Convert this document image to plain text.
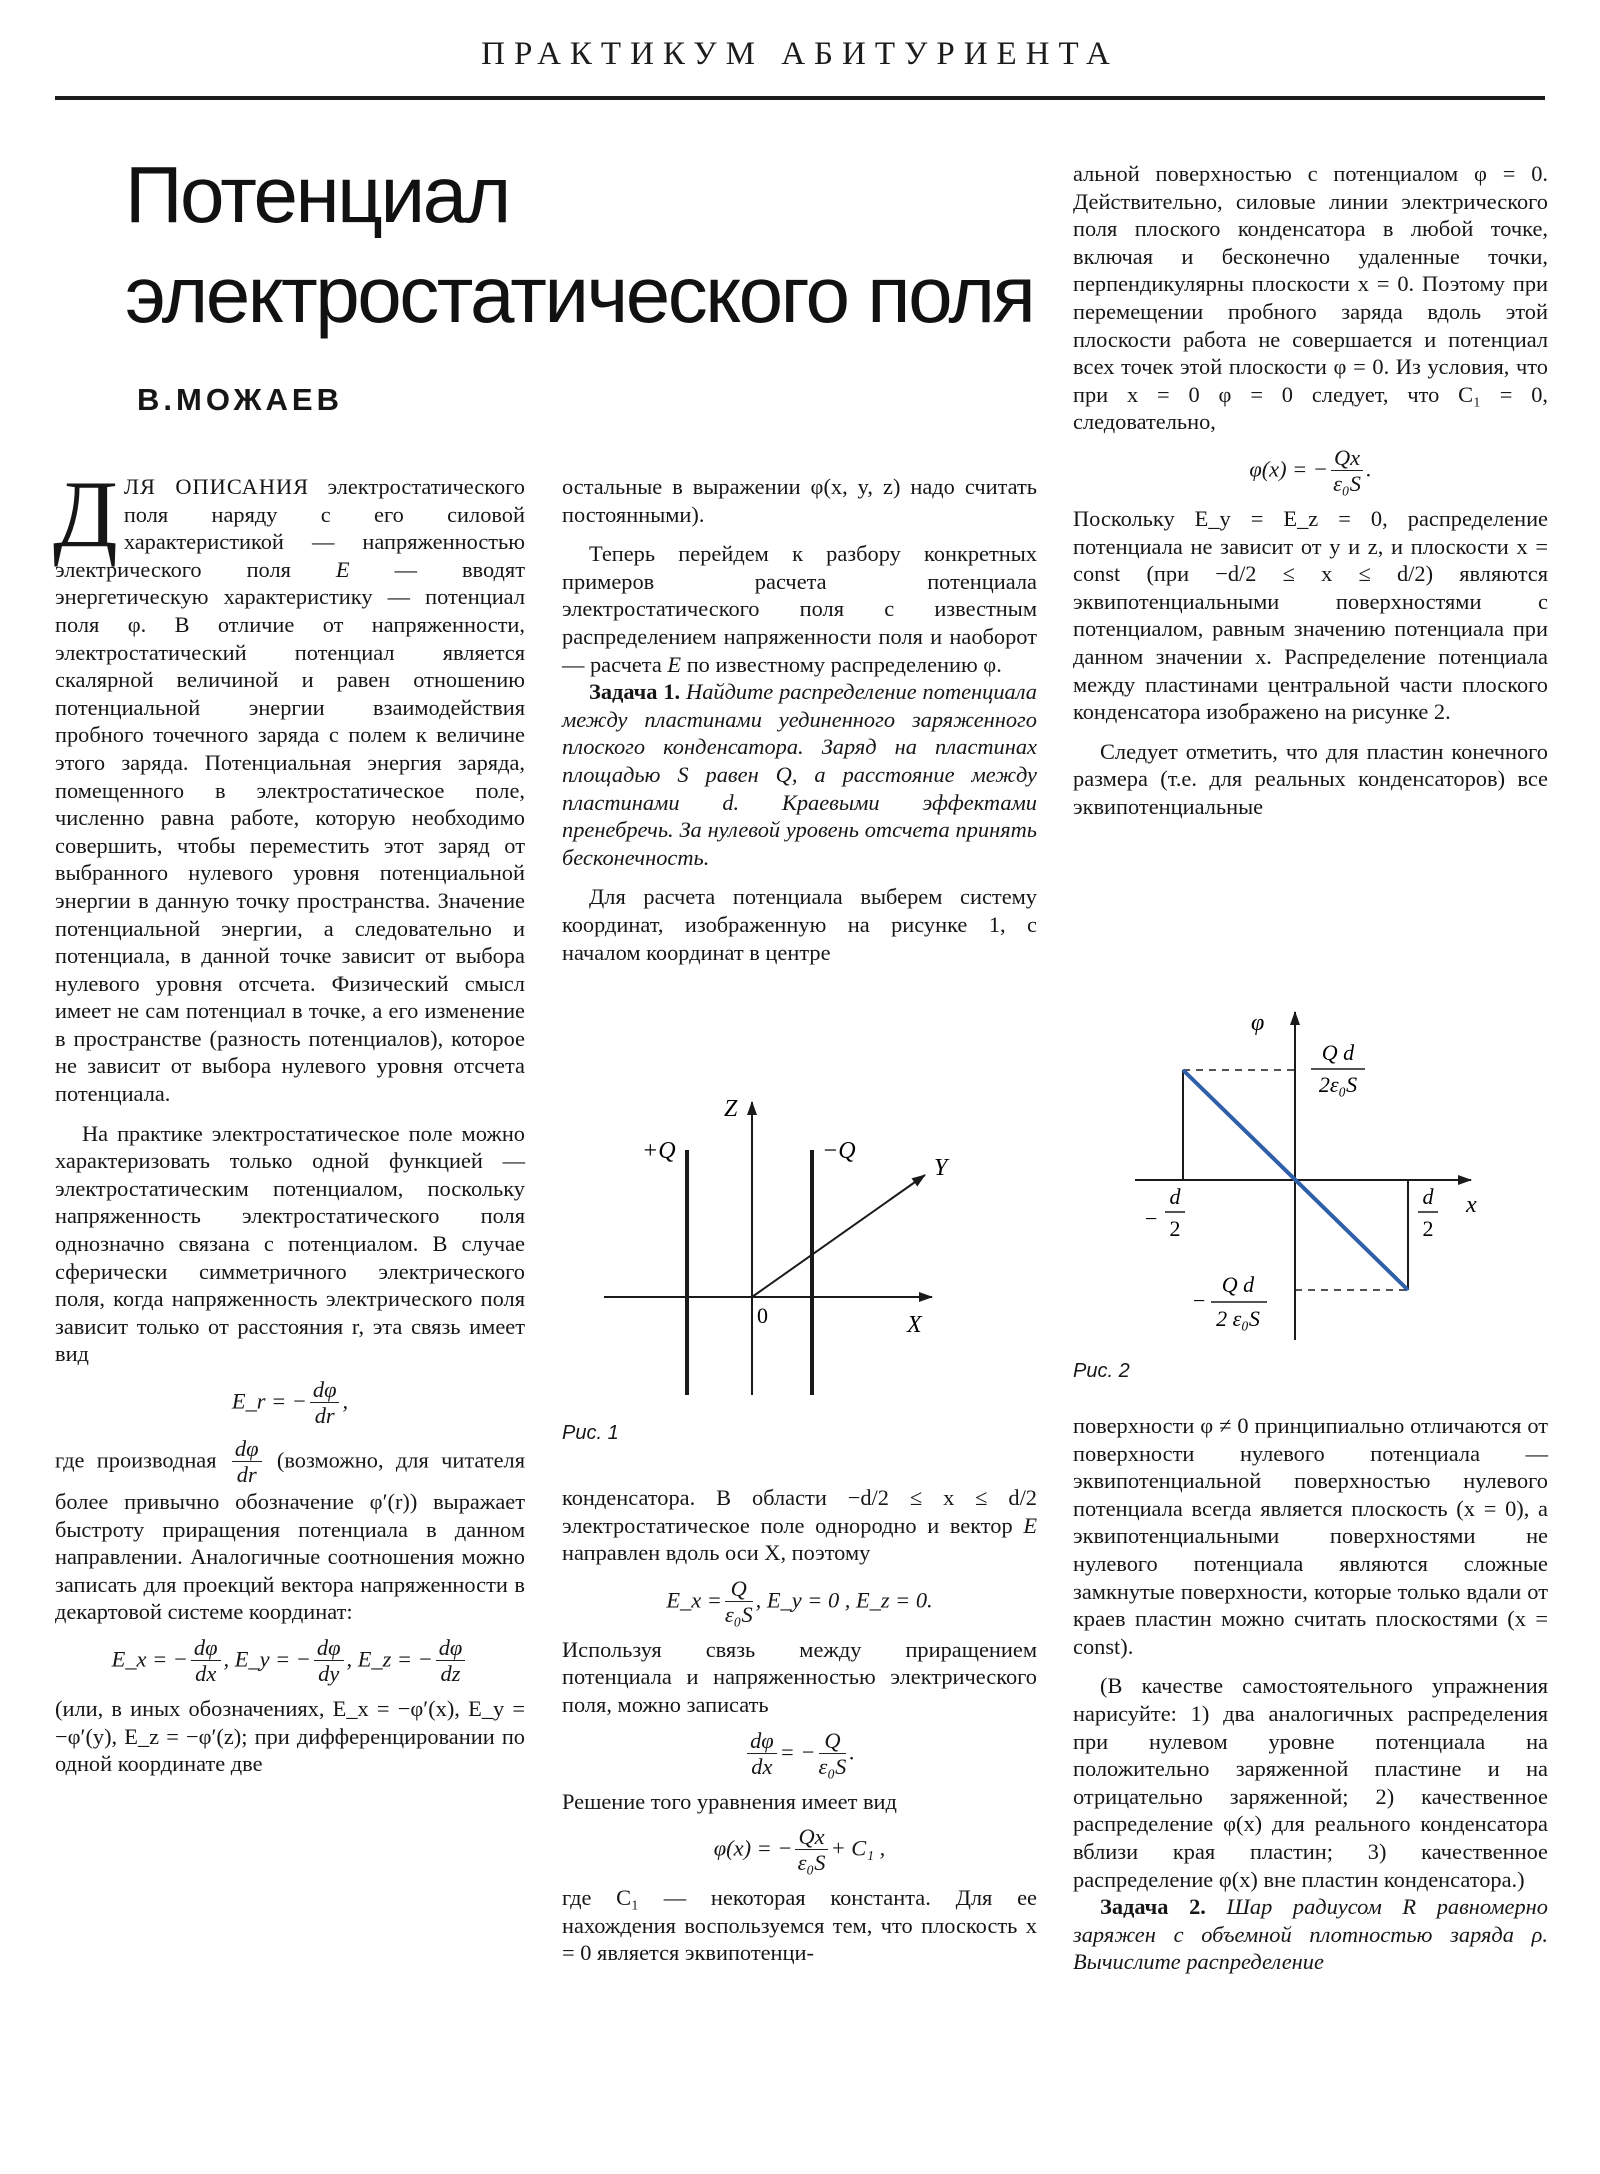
ПРАКТИКУМ АБИТУРИЕНТА
Потенциал
электростатического поля
В.МОЖАЕВ

ДЛЯ ОПИСАНИЯ электростатического поля наряду с его силовой характеристикой — напряженностью электрического поля E — вводят энергетическую характеристику — потенциал поля φ. В отличие от напряженности, электростатический потенциал является скалярной величиной и равен отношению потенциальной энергии взаимодействия пробного точечного заряда с полем к величине этого заряда. Потенциальная энергия заряда, помещенного в электростатическое поле, численно равна работе, которую необходимо совершить, чтобы переместить этот заряд от выбранного нулевого уровня потенциальной энергии в данную точку пространства. Значение потенциальной энергии, а следовательно и потенциала, в данной точке зависит от выбора нулевого уровня отсчета. Физический смысл имеет не сам потенциал в точке, а его изменение в пространстве (разность потенциалов), которое не зависит от выбора нулевого уровня отсчета потенциала.

На практике электростатическое поле можно характеризовать только одной функцией — электростатическим потенциалом, поскольку напряженность электростатического поля однозначно связана с потенциалом. В случае сферически симметричного электрического поля, когда напряженность электрического поля зависит только от расстояния r, эта связь имеет вид

E_r = − $\frac{d\varphi}{dr}$ ,

где производная $\frac{d\varphi}{dr}$ (возможно, для читателя более привычно обозначение φ′(r)) выражает быстроту приращения потенциала в данном направлении. Аналогичные соотношения можно записать для проекций вектора напряженности в декартовой системе координат:

E_x = − $\frac{d\varphi}{dx}$ , E_y = − $\frac{d\varphi}{dy}$ , E_z = − $\frac{d\varphi}{dz}$

(или, в иных обозначениях, E_x = −φ′(x), E_y = −φ′(y), E_z = −φ′(z); при дифференцировании по одной координате две

остальные в выражении φ(x, y, z) надо считать постоянными).

Теперь перейдем к разбору конкретных примеров расчета потенциала электростатического поля с известным распределением напряженности поля и наоборот — расчета E по известному распределению φ.

Задача 1. Найдите распределение потенциала между пластинами уединенного заряженного плоского конденсатора. Заряд на пластинах площадью S равен Q, а расстояние между пластинами d. Краевыми эффектами пренебречь. За нулевой уровень отсчета принять бесконечность.

Для расчета потенциала выберем систему координат, изображенную на рисунке 1, с началом координат в центре

+Q	−Q
Z
Y
X
0
Рис. 1

конденсатора. В области −d/2 ≤ x ≤ d/2 электростатическое поле однородно и вектор E направлен вдоль оси X, поэтому

E_x = $\frac{Q}{\text{ε₀S}}$ , E_y = 0 , E_z = 0.

Используя связь между приращением потенциала и напряженностью электрического поля, можно записать

$\frac{d\varphi}{dx}$ = − $\frac{Q}{\text{ε₀S}}$ .

Решение того уравнения имеет вид

φ(x) = − $\frac{Qx}{\text{ε₀S}} + C_1$ ,

где C₁ — некоторая константа. Для ее нахождения воспользуемся тем, что плоскость x = 0 является эквипотенци-

альной поверхностью с потенциалом φ = 0. Действительно, силовые линии электрического поля плоского конденсатора в любой точке, включая и бесконечно удаленные точки, перпендикулярны плоскости x = 0. Поэтому при перемещении пробного заряда вдоль этой плоскости работа не совершается и потенциал всех точек этой плоскости φ = 0. Из условия, что при x = 0 φ = 0 следует, что C₁ = 0, следовательно,

φ(x) = − $\frac{Qx}{\text{ε₀S}}$ .

Поскольку E_y = E_z = 0, распределение потенциала не зависит от y и z, и плоскости x = const (при −d/2 ≤ x ≤ d/2) являются эквипотенциальными поверхностями с потенциалом, равным значению потенциала при данном значении x. Распределение потенциала между пластинами центральной части плоского конденсатора изображено на рисунке 2.

Следует отметить, что для пластин конечного размера (т.е. для реальных конденсаторов) все эквипотенциальные

φ
x
Q d
2ε₀S
−
Q d
2 ε₀S
−
d
2
d
2
Рис. 2

поверхности φ ≠ 0 принципиально отличаются от поверхности нулевого потенциала — эквипотенциальной поверхностью нулевого потенциала всегда является плоскость (x = 0), а эквипотенциальными поверхностями не нулевого потенциала являются сложные замкнутые поверхности, которые только вдали от краев пластин можно считать плоскостями (x = const).

(В качестве самостоятельного упражнения нарисуйте: 1) два аналогичных распределения при нулевом уровне потенциала на положительно заряженной пластине и на отрицательно заряженной; 2) качественное распределение φ(x) для реального конденсатора вблизи края пластин; 3) качественное распределение φ(x) вне пластин конденсатора.)

Задача 2. Шар радиусом R равномерно заряжен с объемной плотностью заряда ρ. Вычислите распределение
